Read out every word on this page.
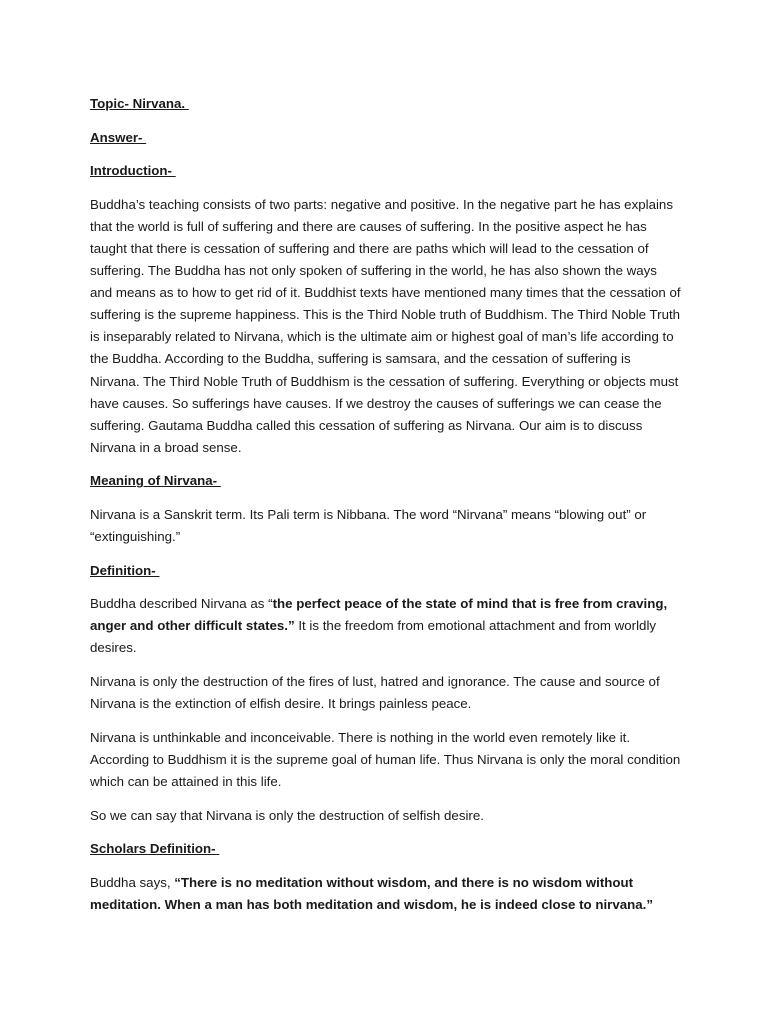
Topic- Nirvana.
Answer-
Introduction-

Buddha’s teaching consists of two parts: negative and positive. In the negative part he has explains that the world is full of suffering and there are causes of suffering. In the positive aspect he has taught that there is cessation of suffering and there are paths which will lead to the cessation of suffering. The Buddha has not only spoken of suffering in the world, he has also shown the ways and means as to how to get rid of it. Buddhist texts have mentioned many times that the cessation of suffering is the supreme happiness. This is the Third Noble truth of Buddhism. The Third Noble Truth is inseparably related to Nirvana, which is the ultimate aim or highest goal of man’s life according to the Buddha. According to the Buddha, suffering is samsara, and the cessation of suffering is Nirvana. The Third Noble Truth of Buddhism is the cessation of suffering. Everything or objects must have causes. So sufferings have causes. If we destroy the causes of sufferings we can cease the suffering. Gautama Buddha called this cessation of suffering as Nirvana. Our aim is to discuss Nirvana in a broad sense.

Meaning of Nirvana-

Nirvana is a Sanskrit term. Its Pali term is Nibbana. The word “Nirvana” means “blowing out” or “extinguishing.”

Definition-

Buddha described Nirvana as “the perfect peace of the state of mind that is free from craving, anger and other difficult states.” It is the freedom from emotional attachment and from worldly desires.

Nirvana is only the destruction of the fires of lust, hatred and ignorance. The cause and source of Nirvana is the extinction of elfish desire. It brings painless peace.

Nirvana is unthinkable and inconceivable. There is nothing in the world even remotely like it. According to Buddhism it is the supreme goal of human life. Thus Nirvana is only the moral condition which can be attained in this life.

So we can say that Nirvana is only the destruction of selfish desire.

Scholars Definition-

Buddha says, “There is no meditation without wisdom, and there is no wisdom without meditation. When a man has both meditation and wisdom, he is indeed close to nirvana.”
